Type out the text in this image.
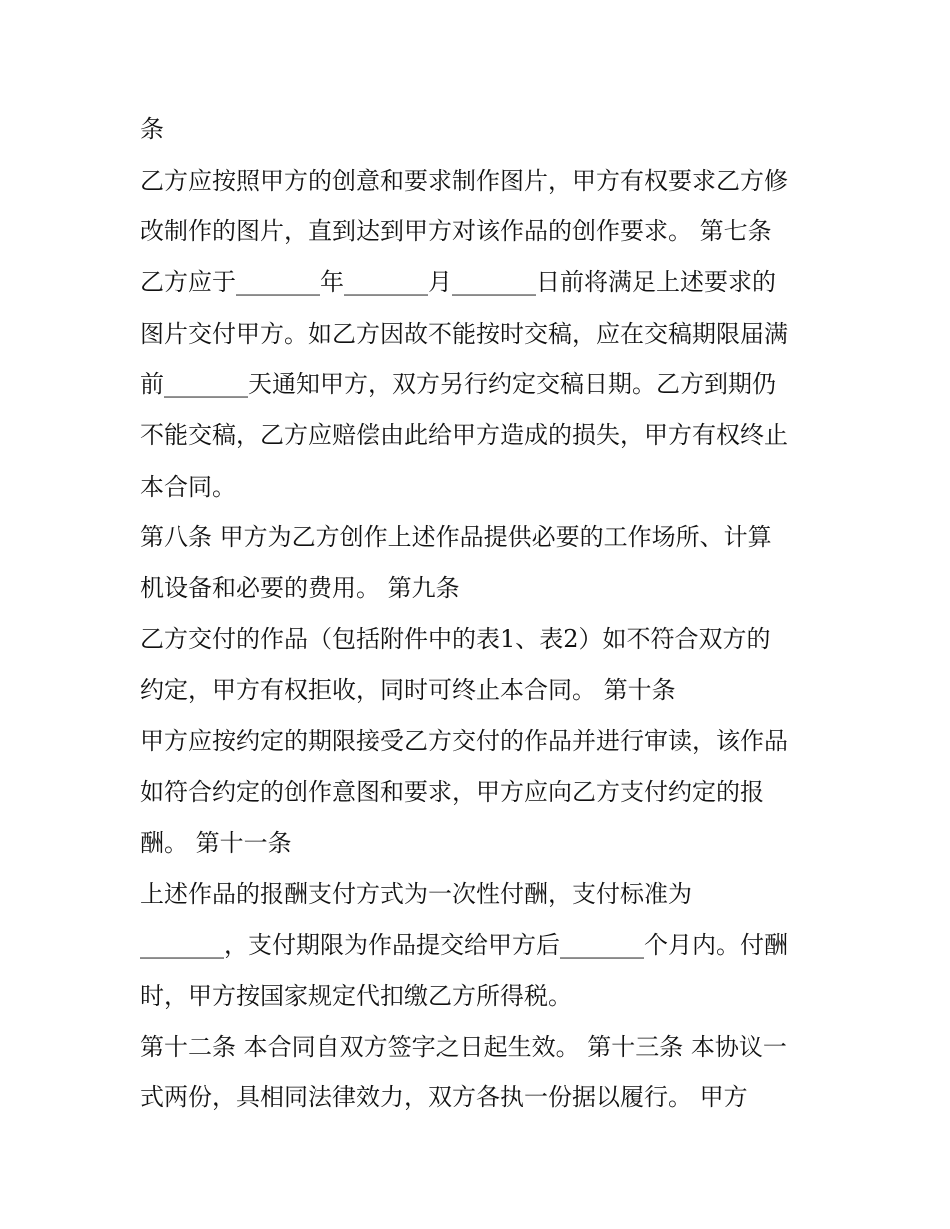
条
乙方应按照甲方的创意和要求制作图片，甲方有权要求乙方修
改制作的图片，直到达到甲方对该作品的创作要求。 第七条
乙方应于_______年_______月_______日前将满足上述要求的
图片交付甲方。如乙方因故不能按时交稿，应在交稿期限届满
前_______天通知甲方，双方另行约定交稿日期。乙方到期仍
不能交稿，乙方应赔偿由此给甲方造成的损失，甲方有权终止
本合同。
第八条 甲方为乙方创作上述作品提供必要的工作场所、计算
机设备和必要的费用。 第九条
乙方交付的作品（包括附件中的表1、表2）如不符合双方的
约定，甲方有权拒收，同时可终止本合同。 第十条
甲方应按约定的期限接受乙方交付的作品并进行审读，该作品
如符合约定的创作意图和要求，甲方应向乙方支付约定的报
酬。 第十一条
上述作品的报酬支付方式为一次性付酬，支付标准为
_______，支付期限为作品提交给甲方后_______个月内。付酬
时，甲方按国家规定代扣缴乙方所得税。
第十二条 本合同自双方签字之日起生效。 第十三条 本协议一
式两份，具相同法律效力，双方各执一份据以履行。 甲方
